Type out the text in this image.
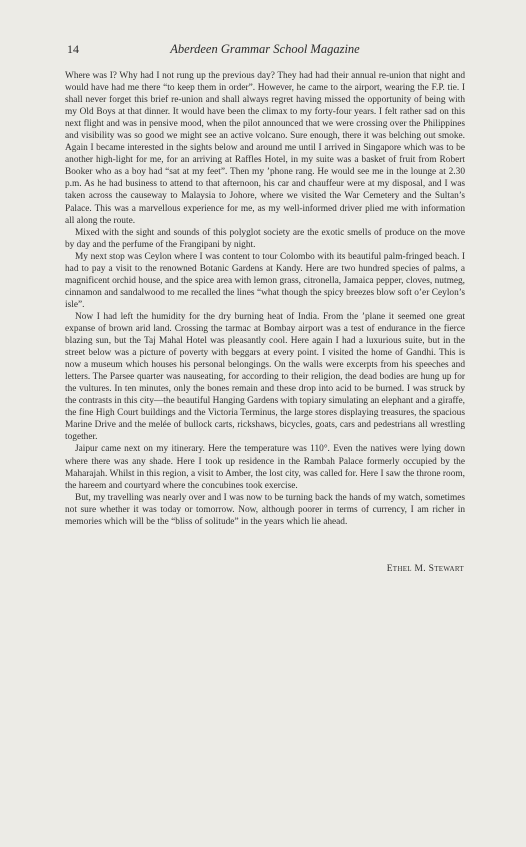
14	Aberdeen Grammar School Magazine

Where was I? Why had I not rung up the previous day? They had had their annual re-union that night and would have had me there “to keep them in order”. However, he came to the airport, wearing the F.P. tie. I shall never forget this brief re-union and shall always regret having missed the opportunity of being with my Old Boys at that dinner. It would have been the climax to my forty-four years. I felt rather sad on this next flight and was in pensive mood, when the pilot announced that we were crossing over the Philippines and visibility was so good we might see an active volcano. Sure enough, there it was belching out smoke. Again I became interested in the sights below and around me until I arrived in Singapore which was to be another high-light for me, for an arriving at Raffles Hotel, in my suite was a basket of fruit from Robert Booker who as a boy had “sat at my feet”. Then my ’phone rang. He would see me in the lounge at 2.30 p.m. As he had business to attend to that afternoon, his car and chauffeur were at my disposal, and I was taken across the causeway to Malaysia to Johore, where we visited the War Cemetery and the Sultan’s Palace. This was a marvellous experience for me, as my well-informed driver plied me with information all along the route.

Mixed with the sight and sounds of this polyglot society are the exotic smells of produce on the move by day and the perfume of the Frangipani by night.

My next stop was Ceylon where I was content to tour Colombo with its beautiful palm-fringed beach. I had to pay a visit to the renowned Botanic Gardens at Kandy. Here are two hundred species of palms, a magnificent orchid house, and the spice area with lemon grass, citronella, Jamaica pepper, cloves, nutmeg, cinnamon and sandalwood to me recalled the lines “what though the spicy breezes blow soft o’er Ceylon’s isle”.

Now I had left the humidity for the dry burning heat of India. From the ’plane it seemed one great expanse of brown arid land. Crossing the tarmac at Bombay airport was a test of endurance in the fierce blazing sun, but the Taj Mahal Hotel was pleasantly cool. Here again I had a luxurious suite, but in the street below was a picture of poverty with beggars at every point. I visited the home of Gandhi. This is now a museum which houses his personal belongings. On the walls were excerpts from his speeches and letters. The Parsee quarter was nauseating, for according to their religion, the dead bodies are hung up for the vultures. In ten minutes, only the bones remain and these drop into acid to be burned. I was struck by the contrasts in this city—the beautiful Hanging Gardens with topiary simulating an elephant and a giraffe, the fine High Court buildings and the Victoria Terminus, the large stores displaying treasures, the spacious Marine Drive and the melée of bullock carts, rickshaws, bicycles, goats, cars and pedestrians all wrestling together.

Jaipur came next on my itinerary. Here the temperature was 110°. Even the natives were lying down where there was any shade. Here I took up residence in the Rambah Palace formerly occupied by the Maharajah. Whilst in this region, a visit to Amber, the lost city, was called for. Here I saw the throne room, the hareem and courtyard where the concubines took exercise.

But, my travelling was nearly over and I was now to be turning back the hands of my watch, sometimes not sure whether it was today or tomorrow. Now, although poorer in terms of currency, I am richer in memories which will be the “bliss of solitude” in the years which lie ahead.

Ethel M. Stewart
